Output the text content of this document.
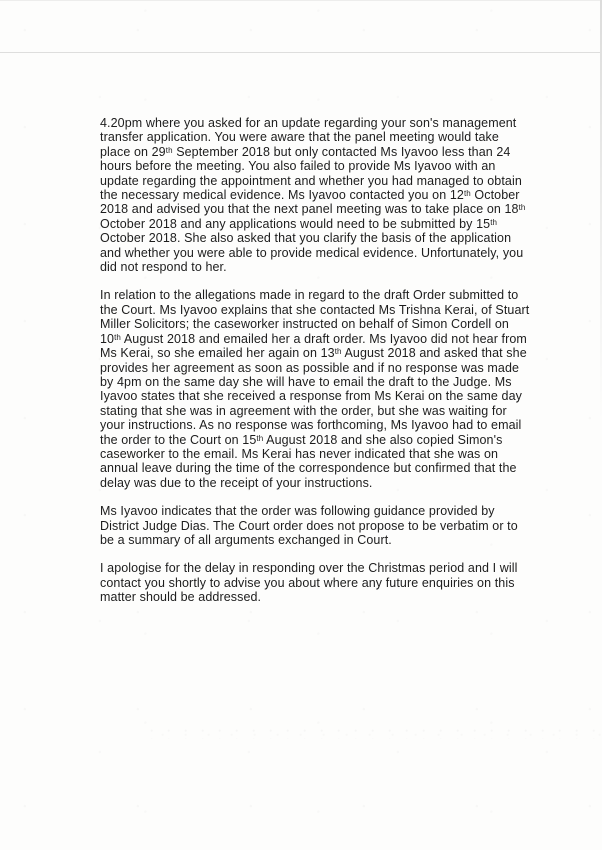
4.20pm where you asked for an update regarding your son's management transfer application. You were aware that the panel meeting would take place on 29th September 2018 but only contacted Ms Iyavoo less than 24 hours before the meeting. You also failed to provide Ms Iyavoo with an update regarding the appointment and whether you had managed to obtain the necessary medical evidence. Ms Iyavoo contacted you on 12th October 2018 and advised you that the next panel meeting was to take place on 18th October 2018 and any applications would need to be submitted by 15th October 2018. She also asked that you clarify the basis of the application and whether you were able to provide medical evidence. Unfortunately, you did not respond to her.

In relation to the allegations made in regard to the draft Order submitted to the Court. Ms Iyavoo explains that she contacted Ms Trishna Kerai, of Stuart Miller Solicitors; the caseworker instructed on behalf of Simon Cordell on 10th August 2018 and emailed her a draft order. Ms Iyavoo did not hear from Ms Kerai, so she emailed her again on 13th August 2018 and asked that she provides her agreement as soon as possible and if no response was made by 4pm on the same day she will have to email the draft to the Judge. Ms Iyavoo states that she received a response from Ms Kerai on the same day stating that she was in agreement with the order, but she was waiting for your instructions. As no response was forthcoming, Ms Iyavoo had to email the order to the Court on 15th August 2018 and she also copied Simon's caseworker to the email. Ms Kerai has never indicated that she was on annual leave during the time of the correspondence but confirmed that the delay was due to the receipt of your instructions.

Ms Iyavoo indicates that the order was following guidance provided by District Judge Dias. The Court order does not propose to be verbatim or to be a summary of all arguments exchanged in Court.

I apologise for the delay in responding over the Christmas period and I will contact you shortly to advise you about where any future enquiries on this matter should be addressed.
